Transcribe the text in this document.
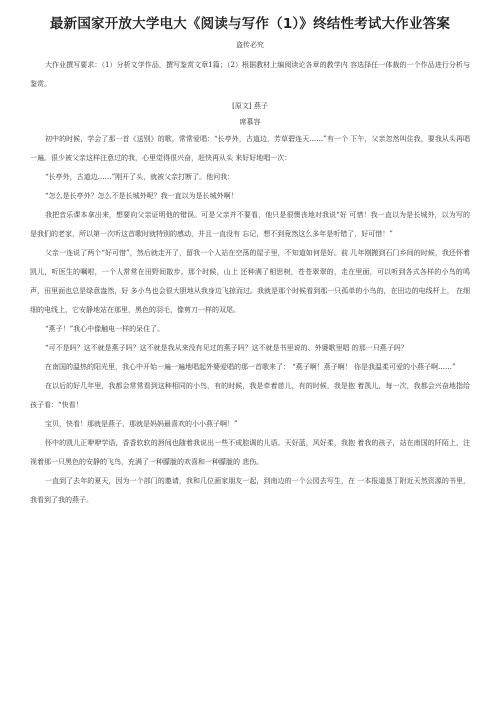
最新国家开放大学电大《阅读与写作（1）》终结性考试大作业答案
盗传必究

大作业撰写要求：（1）分析文学作品，撰写鉴赏文章1篇；（2）根据教材上编阅读论各章的教学内 容选择任一体裁的一个作品进行分析与鉴赏。

[原文] 燕子

席慕容

初中的时候，学会了那一首《送别》的歌，常常爱唱：“长亭外，古道边，芳草碧连天……”有一个 下午，父亲忽然叫住我，要我从头再唱一遍。很少被父亲这样注意过的我，心里觉得很兴奋，赶快再从头 来好好地唱一次：

“长亭外，古道边……”刚开了头，就被父亲打断了。他问我：

“怎么是长亭外？怎么不是长城外呢？我一直以为是长城外啊！

我把音乐课本拿出来，想要向父亲证明他的错误。可是父亲并不要看，他只是很懊丧地对我说“好 可惜！我一直以为是长城外，以为写的是我们的老家，所以第一次听这首歌时就特别的感动，并且一直没有 忘记，想不到竟然这么多年是听错了，好可惜！”

父亲一连说了两个“好可惜”，然后就走开了，留我一个人站在空荡的屋子里，不知道如何是好。前 几年刚搬到石门乡间的时候，我还怀着凯儿，听医生的嘱咐，一个人常常在田野间散步。那个时候，山上 还种满了相思树，苍苍翠翠的，走在里面，可以听到各式各样的小鸟的鸣声，田里面也总是绿意盎然，好 多小鸟也会很大胆地从我身边飞掠而过。我就是那个时候看到那一只孤单的小鸟的，在田边的电线杆上， 在细细的电线上，它安静地站在那里，黑色的羽毛，像剪刀一样的双尾。

“燕子！”我心中像触电一样的呆住了。

“可不是吗？这不就是燕子吗？这不就是我从来没有见过的燕子吗？这不就是书里说的、外婆歌里唱 的那一只燕子吗？

在南国的温热的阳光里，我心中开始一遍一遍地唱起外婆爱唱的那一首歌来了： “燕子啊！燕子啊！ 你是我温柔可爱的小燕子啊……”

在以后的好几年里，我都会常常看到这种相同的小鸟，有的时候，我是牵着慈儿，有的时候，我是抱 着凯儿，每一次，我都会兴奋地指给孩子看：“快看！

宝贝，快看！那就是燕子，那就是妈妈最喜欢的小小燕子啊！”

怀中的凯儿正咿咿学语，香香软软的唇间也随着我说出一些不成腔调的儿语。天好蓝，风好柔，我抱 着我的孩子，站在南国的阡陌上，注视着那一只黑色的安静的飞鸟，充满了一种朦胧的欢喜和一种朦胧的 悲伤。

一直到了去年的夏天，因为一个部门的邀请，我和几位画家朋友一起，到南边的一个公园去写生，在 一本报道垦丁附近天然资源的书里，我看到了我的燕子。
